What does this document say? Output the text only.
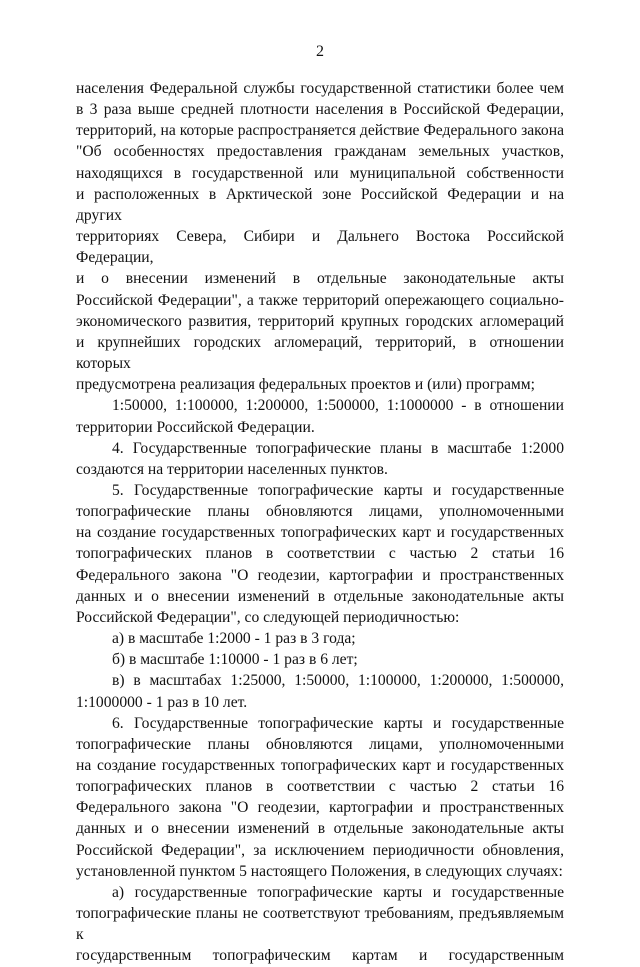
2

населения Федеральной службы государственной статистики более чем

в 3 раза выше средней плотности населения в Российской Федерации,

территорий, на которые распространяется действие Федерального закона

"Об особенностях предоставления гражданам земельных участков,

находящихся в государственной или муниципальной собственности

и расположенных в Арктической зоне Российской Федерации и на других

территориях Севера, Сибири и Дальнего Востока Российской Федерации,

и о внесении изменений в отдельные законодательные акты

Российской Федерации", а также территорий опережающего социально-

экономического развития, территорий крупных городских агломераций

и крупнейших городских агломераций, территорий, в отношении которых

предусмотрена реализация федеральных проектов и (или) программ;

1:50000, 1:100000, 1:200000, 1:500000, 1:1000000 - в отношении

территории Российской Федерации.

4. Государственные топографические планы в масштабе 1:2000

создаются на территории населенных пунктов.

5. Государственные топографические карты и государственные

топографические планы обновляются лицами, уполномоченными

на создание государственных топографических карт и государственных

топографических планов в соответствии с частью 2 статьи 16

Федерального закона "О геодезии, картографии и пространственных

данных и о внесении изменений в отдельные законодательные акты

Российской Федерации", со следующей периодичностью:

а) в масштабе 1:2000 - 1 раз в 3 года;

б) в масштабе 1:10000 - 1 раз в 6 лет;

в) в масштабах 1:25000, 1:50000, 1:100000, 1:200000, 1:500000,

1:1000000 - 1 раз в 10 лет.

6. Государственные топографические карты и государственные

топографические планы обновляются лицами, уполномоченными

на создание государственных топографических карт и государственных

топографических планов в соответствии с частью 2 статьи 16

Федерального закона "О геодезии, картографии и пространственных

данных и о внесении изменений в отдельные законодательные акты

Российской Федерации", за исключением периодичности обновления,

установленной пунктом 5 настоящего Положения, в следующих случаях:

а) государственные топографические карты и государственные

топографические планы не соответствуют требованиям, предъявляемым к

государственным топографическим картам и государственным
